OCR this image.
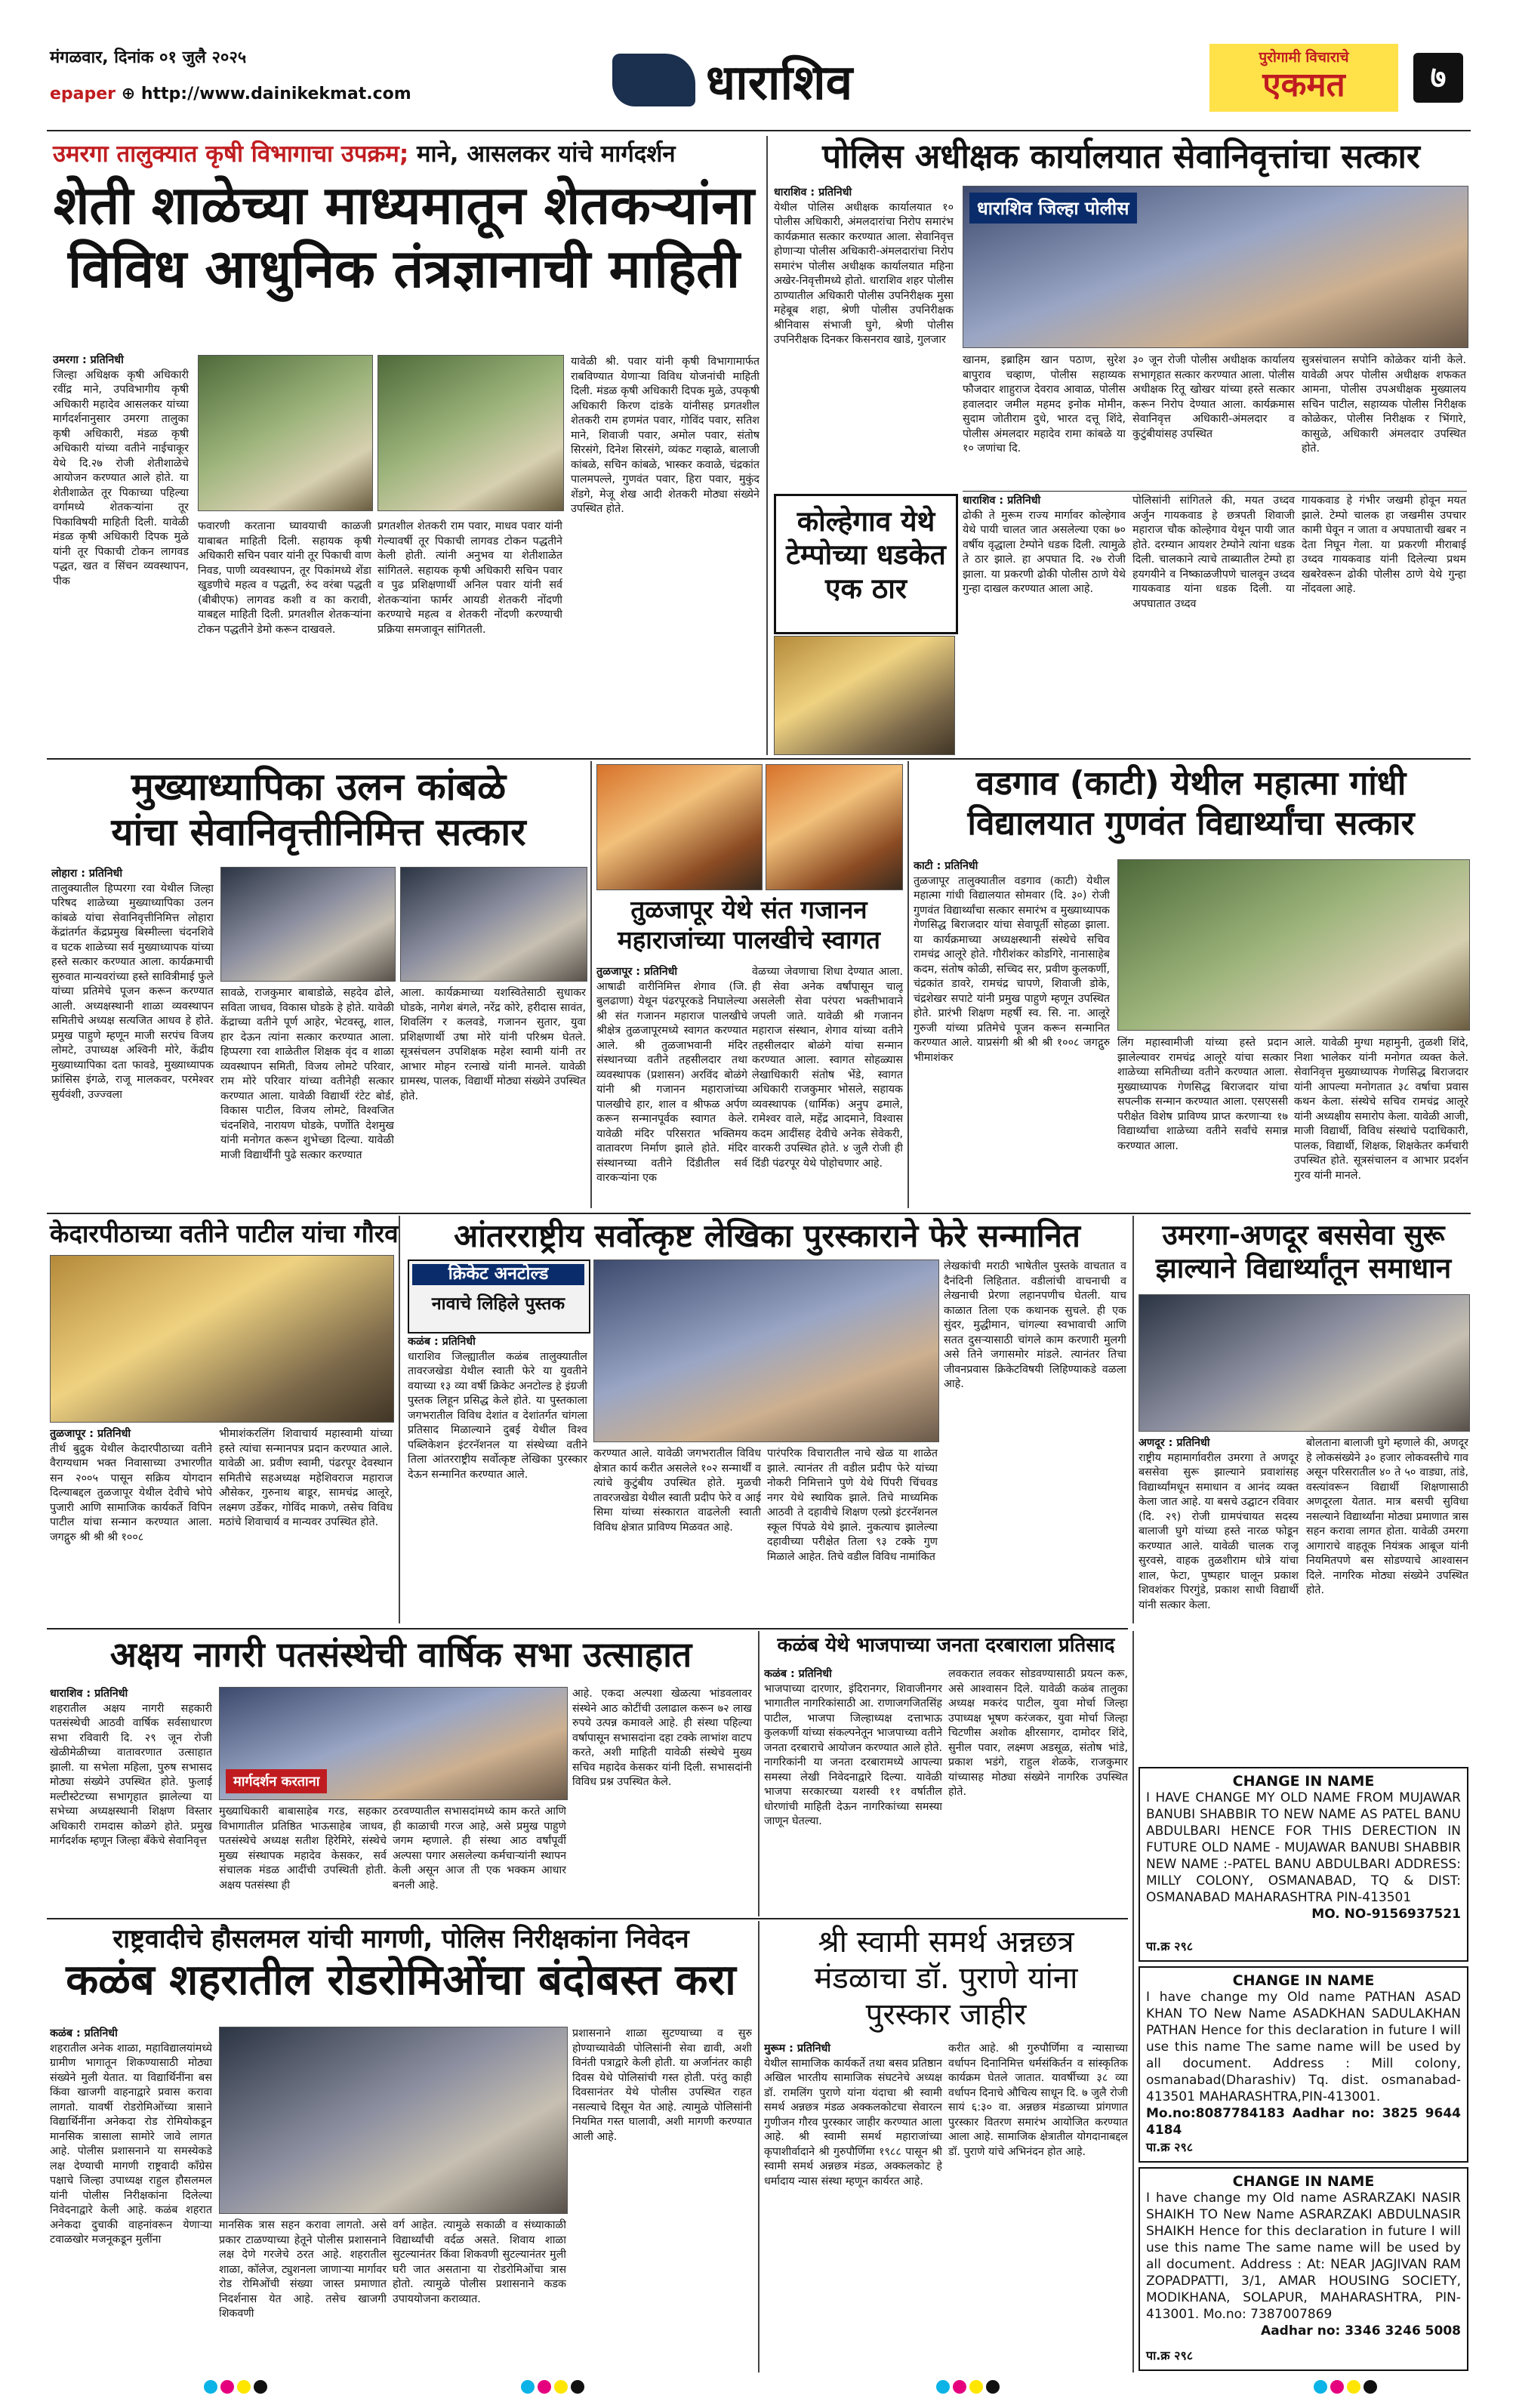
मंगळवार, दिनांक ०१ जुलै २०२५
epaper ⊕ http://www.dainikekmat.com	धाराशिव	पुरोगामी विचाराचे
एकमत	७
उमरगा तालुक्यात कृषी विभागाचा उपक्रम; माने, आसलकर यांचे मार्गदर्शन
शेती शाळेच्या माध्यमातून शेतकऱ्यांना
विविध आधुनिक तंत्रज्ञानाची माहिती
उमरगा : प्रतिनिधी
जिल्हा अधिक्षक कृषी अधिकारी रवींद्र माने, उपविभागीय कृषी अधिकारी महादेव आसलकर यांच्या मार्गदर्शनानुसार उमरगा तालुका कृषी अधिकारी, मंडळ कृषी अधिकारी यांच्या वतीने नाईचाकूर येथे दि.२७ रोजी शेतीशाळेचे आयोजन करण्यात आले होते. या शेतीशाळेत तूर पिकाच्या पहिल्या वर्गामध्ये शेतकऱ्यांना तूर पिकाविषयी माहिती दिली. यावेळी मंडळ कृषी अधिकारी दिपक मुळे यांनी तूर पिकाची टोकन लागवड पद्धत, खत व सिंचन व्यवस्थापन, पीक
फवारणी करताना घ्यावयाची काळजी याबाबत माहिती दिली. सहायक कृषी अधिकारी सचिन पवार यांनी तूर पिकाची वाण निवड, पाणी व्यवस्थापन, तूर पिकांमध्ये शेंडा खुडणीचे महत्व व पद्धती, रुंद वरंबा पद्धती (बीबीएफ) लागवड कशी व का करावी, याबद्दल माहिती दिली. प्रगतशील शेतकऱ्यांना टोकन पद्धतीने डेमो करून दाखवले.
प्रगतशील शेतकरी राम पवार, माधव पवार यांनी गेल्यावर्षी तूर पिकाची लागवड टोकन पद्धतीने केली होती. त्यांनी अनुभव या शेतीशाळेत सांगितले. सहायक कृषी अधिकारी सचिन पवार व पुढ प्रशिक्षणार्थी अनिल पवार यांनी सर्व शेतकऱ्यांना फार्मर आयडी शेतकरी नोंदणी करण्याचे महत्व व शेतकरी नोंदणी करण्याची प्रक्रिया समजावून सांगितली.
यावेळी श्री. पवार यांनी कृषी विभागामार्फत राबविण्यात येणाऱ्या विविध योजनांची माहिती दिली. मंडळ कृषी अधिकारी दिपक मुळे, उपकृषी अधिकारी किरण दांडके यांनीसह प्रगतशील शेतकरी राम हणमंत पवार, गोविंद पवार, सतिश माने, शिवाजी पवार, अमोल पवार, संतोष सिरसंगे, दिनेश सिरसंगे, व्यंकट गव्हाळे, बालाजी कांबळे, सचिन कांबळे, भास्कर कवाळे, चंद्रकांत पालमपल्ले, गुणवंत पवार, हिरा पवार, मुकुंद शेंडगे, मेजू शेख आदी शेतकरी मोठ्या संख्येने उपस्थित होते.
पोलिस अधीक्षक कार्यालयात सेवानिवृत्तांचा सत्कार
धाराशिव : प्रतिनिधी
येथील पोलिस अधीक्षक कार्यालयात १० पोलीस अधिकारी, अंमलदारांचा निरोप समारंभ कार्यक्रमात सत्कार करण्यात आला. सेवानिवृत्त होणाऱ्या पोलीस अधिकारी-अंमलदारांचा निरोप समारंभ पोलीस अधीक्षक कार्यालयात महिना अखेर-निवृत्तीमध्ये होतो. धाराशिव शहर पोलीस ठाण्यातील अधिकारी पोलीस उपनिरीक्षक मुसा महेबूब शहा, श्रेणी पोलीस उपनिरीक्षक श्रीनिवास संभाजी घुगे, श्रेणी पोलीस उपनिरीक्षक दिनकर किसनराव खाडे, गुलजार
धाराशिव जिल्हा पोलीस
खानम, इब्राहिम खान पठाण, सुरेश बापुराव चव्हाण, पोलीस सहाय्यक फौजदार शाहुराज देवराव आवाळ, पोलीस हवालदार जमील महमद इनोक मोमीन, सुदाम जोतीराम दुधे, भारत दत्तू शिंदे, पोलीस अंमलदार महादेव रामा कांबळे या १० जणांचा दि.
३० जून रोजी पोलीस अधीक्षक कार्यालय सभागृहात सत्कार करण्यात आला. पोलीस अधीक्षक रितू खोखर यांच्या हस्ते सत्कार करून निरोप देण्यात आला. कार्यक्रमास सेवानिवृत्त अधिकारी-अंमलदार व कुटुंबीयांसह उपस्थित
सुत्रसंचालन सपोनि कोळेकर यांनी केले. यावेळी अपर पोलीस अधीक्षक शफकत आमना, पोलीस उपअधीक्षक मुख्यालय सचिन पाटील, सहाय्यक पोलीस निरीक्षक कोळेकर, पोलीस निरीक्षक र भिंगारे, कासुळे, अधिकारी अंमलदार उपस्थित होते.
कोल्हेगाव येथे टेम्पोच्या धडकेत एक ठार
धाराशिव : प्रतिनिधी
ढोकी ते मुरूम राज्य मार्गावर कोल्हेगाव येथे पायी चालत जात असलेल्या एका ७० वर्षीय वृद्धाला टेम्पोने धडक दिली. त्यामुळे ते ठार झाले. हा अपघात दि. २७ रोजी झाला. या प्रकरणी ढोकी पोलीस ठाणे येथे गुन्हा दाखल करण्यात आला आहे.
पोलिसांनी सांगितले की, मयत उध्दव अर्जुन गायकवाड हे छत्रपती शिवाजी महाराज चौक कोल्हेगाव येथून पायी जात होते. दरम्यान आयशर टेम्पोने त्यांना धडक दिली. चालकाने त्याचे ताब्यातील टेम्पो हा हयगयीने व निष्काळजीपणे चालवून उध्दव गायकवाड यांना धडक दिली. या अपघातात उध्दव
गायकवाड हे गंभीर जखमी होवून मयत झाले. टेम्पो चालक हा जखमीस उपचार कामी घेवून न जाता व अपघाताची खबर न देता निघून गेला. या प्रकरणी मीराबाई उध्दव गायकवाड यांनी दिलेल्या प्रथम खबरेवरून ढोकी पोलीस ठाणे येथे गुन्हा नोंदवला आहे.
मुख्याध्यापिका उलन कांबळे
यांचा सेवानिवृत्तीनिमित्त सत्कार
लोहारा : प्रतिनिधी
तालुक्यातील हिप्परगा रवा येथील जिल्हा परिषद शाळेच्या मुख्याध्यापिका उलन कांबळे यांचा सेवानिवृत्तीनिमित्त लोहारा केंद्रांतर्गत केंद्रप्रमुख बिस्मील्ला चंदनशिवे व घटक शाळेच्या सर्व मुख्याध्यापक यांच्या हस्ते सत्कार करण्यात आला. कार्यक्रमाची सुरुवात मान्यवरांच्या हस्ते सावित्रीमाई फुले यांच्या प्रतिमेचे पूजन करून करण्यात आली. अध्यक्षस्थानी शाळा व्यवस्थापन समितीचे अध्यक्ष सत्यजित आधव हे होते. प्रमुख पाहुणे म्हणून माजी सरपंच विजय लोमटे, उपाध्यक्ष अश्विनी मोरे, केंद्रीय मुख्याध्यापिका दता फावडे, मुख्याध्यापक फ्रांसिस इंगळे, राजू मालकवर, परमेश्वर सुर्यवंशी, उज्ज्वला
सावळे, राजकुमार बाबाडोळे, सहदेव ढोले, सविता जाधव, विकास घोडके हे होते. यावेळी केंद्राच्या वतीने पूर्ण आहेर, भेटवस्तू, शाल, हार देऊन त्यांना सत्कार करण्यात आला. हिप्परगा रवा शाळेतील शिक्षक वृंद व शाळा व्यवस्थापन समिती, विजय लोमटे परिवार, राम मोरे परिवार यांच्या वतीनेही सत्कार करण्यात आला. यावेळी विद्यार्थी रंटेट बोर्ड, विकास पाटील, विजय लोमटे, विश्वजित चंदनशिवे, नारायण घोडके, पर्णोति देशमुख यांनी मनोगत करून शुभेच्छा दिल्या. यावेळी माजी विद्यार्थींनी पुढे सत्कार करण्यात
आला. कार्यक्रमाच्या यशस्वितेसाठी सुधाकर घोडके, नागेश बंगले, नरेंद्र कोरे, हरीदास सावंत, शिवलिंग र कलवडे, गजानन सुतार, युवा प्रशिक्षणार्थी उषा मोरे यांनी परिश्रम घेतले. सूत्रसंचलन उपशिक्षक महेश स्वामी यांनी तर आभार मोहन रत्नाखे यांनी मानले. यावेळी ग्रामस्थ, पालक, विद्यार्थी मोठ्या संख्येने उपस्थित होते.
तुळजापूर येथे संत गजानन
महाराजांच्या पालखीचे स्वागत
तुळजापूर : प्रतिनिधी
आषाढी वारीनिमित्त शेगाव (जि. बुलढाणा) येथून पंढरपूरकडे निघालेल्या श्री संत गजानन महाराज पालखीचे श्रीक्षेत्र तुळजापूरमध्ये स्वागत करण्यात आले. श्री तुळजाभवानी मंदिर संस्थानच्या वतीने तहसीलदार तथा व्यवस्थापक (प्रशासन) अरविंद बोळंगे यांनी श्री गजानन महाराजांच्या पालखीचे हार, शाल व श्रीफळ अर्पण करून सन्मानपूर्वक स्वागत केले. यावेळी मंदिर परिसरात भक्तिमय वातावरण निर्माण झाले होते. मंदिर संस्थानच्या वतीने दिंडीतील सर्व वारकऱ्यांना एक
वेळच्या जेवणाचा शिधा देण्यात आला. ही सेवा अनेक वर्षांपासून चालू असलेली सेवा परंपरा भक्तीभावाने जपली जाते. यावेळी श्री गजानन महाराज संस्थान, शेगाव यांच्या वतीने तहसीलदार बोळंगे यांचा सन्मान करण्यात आला. स्वागत सोहळ्यास लेखाधिकारी संतोष भेंडे, स्वागत अधिकारी राजकुमार भोसले, सहायक व्यवस्थापक (धार्मिक) अनुप ढमाले, रामेश्वर वाले, महेंद्र आदमाने, विश्वास कदम आदींसह देवीचे अनेक सेवेकरी, वारकरी उपस्थित होते. ४ जुलै रोजी ही दिंडी पंढरपूर येथे पोहोचणार आहे.
वडगाव (काटी) येथील महात्मा गांधी
विद्यालयात गुणवंत विद्यार्थ्यांचा सत्कार
काटी : प्रतिनिधी
तुळजापूर तालुक्यातील वडगाव (काटी) येथील महात्मा गांधी विद्यालयात सोमवार (दि. ३०) रोजी गुणवंत विद्यार्थ्यांचा सत्कार समारंभ व मुख्याध्यापक गेणसिद्ध बिराजदार यांचा सेवापूर्ती सोहळा झाला. या कार्यक्रमाच्या अध्यक्षस्थानी संस्थेचे सचिव रामचंद्र आलूरे होते. गौरीशंकर कोडगिरे, नानासाहेब कदम, संतोष कोळी, सच्चिद सर, प्रवीण कुलकर्णी, चंद्रकांत डावरे, रामचंद्र चापणे, शिवाजी डोके, चंद्रशेखर सपाटे यांनी प्रमुख पाहुणे म्हणून उपस्थित होते. प्रारंभी शिक्षण महर्षी स्व. सि. ना. आलूरे गुरुजी यांच्या प्रतिमेचे पूजन करून सन्मानित करण्यात आले. याप्रसंगी श्री श्री श्री १००८ जगद्गुरु भीमाशंकर
लिंग महास्वामीजी यांच्या हस्ते प्रदान झालेल्यावर रामचंद्र आलूरे यांचा सत्कार शाळेच्या समितीच्या वतीने करण्यात आला. मुख्याध्यापक गेणसिद्ध बिराजदार यांचा सपत्नीक सन्मान करण्यात आला. एसएससी परीक्षेत विशेष प्राविण्य प्राप्त करणाऱ्या १७ विद्यार्थ्यांचा शाळेच्या वतीने सर्वांचे समान्न करण्यात आला.
आले. यावेळी मुग्धा महामुनी, तुळशी शिंदे, निशा भालेकर यांनी मनोगत व्यक्त केले. सेवानिवृत्त मुख्याध्यापक गेणसिद्ध बिराजदार यांनी आपल्या मनोगतात ३८ वर्षाचा प्रवास कथन केला. संस्थेचे सचिव रामचंद्र आलूरे यांनी अध्यक्षीय समारोप केला. यावेळी आजी, माजी विद्यार्थी, विविध संस्थांचे पदाधिकारी, पालक, विद्यार्थी, शिक्षक, शिक्षकेतर कर्मचारी उपस्थित होते. सूत्रसंचालन व आभार प्रदर्शन गुरव यांनी मानले.
केदारपीठाच्या वतीने पाटील यांचा गौरव
तुळजापूर : प्रतिनिधी
तीर्थ बुद्रुक येथील केदारपीठाच्या वतीने वैराग्यधाम भक्त निवासाच्या उभारणीत सन २००५ पासून सक्रिय योगदान दिल्याबद्दल तुळजापूर येथील देवीचे भोपे पुजारी आणि सामाजिक कार्यकर्ते विपिन पाटील यांचा सन्मान करण्यात आला. जगद्गुरु श्री श्री श्री १००८
भीमाशंकरलिंग शिवाचार्य महास्वामी यांच्या हस्ते त्यांचा सन्मानपत्र प्रदान करण्यात आले. यावेळी आ. प्रवीण स्वामी, पंढरपूर देवस्थान समितीचे सहअध्यक्ष महेशिवराज महाराज औसेकर, गुरुनाथ बाडूर, सामचंद्र आलूरे, लक्ष्मण उर्डेकर, गोविंद माकणे, तसेच विविध मठांचे शिवाचार्य व मान्यवर उपस्थित होते.
आंतरराष्ट्रीय सर्वोत्कृष्ट लेखिका पुरस्काराने फेरे सन्मानित
क्रिकेट अनटोल्ड
नावाचे लिहिले पुस्तक
कळंब : प्रतिनिधी
धाराशिव जिल्ह्यातील कळंब तालुक्यातील तावरजखेडा येथील स्वाती फेरे या युवतीने वयाच्या १३ व्या वर्षी क्रिकेट अनटोल्ड हे इंग्रजी पुस्तक लिहून प्रसिद्ध केले होते. या पुस्तकाला जगभरातील विविध देशांत व देशांतर्गत चांगला प्रतिसाद मिळाल्याने दुबई येथील विश्व पब्लिकेशन इंटरनॅशनल या संस्थेच्या वतीने तिला आंतरराष्ट्रीय सर्वोत्कृष्ट लेखिका पुरस्कार देऊन सन्मानित करण्यात आले.
करण्यात आले. यावेळी जगभरातील विविध क्षेत्रात कार्य करीत असलेले १०२ सन्मार्थीं व त्यांचे कुटुंबीय उपस्थित होते. मुळची तावरजखेडा येथील स्वाती प्रदीप फेरे व आई सिमा यांच्या संस्कारात वाढलेली स्वाती विविध क्षेत्रात प्राविण्य मिळवत आहे.
पारंपरिक विचारातील नाचे खेळ या शाळेत झाले. त्यानंतर ती वडील प्रदीप फेरे यांच्या नोकरी निमित्ताने पुणे येथे पिंपरी चिंचवड नगर येथे स्थायिक झाले. तिचे माध्यमिक आठवी ते दहावीचे शिक्षण एल्प्रो इंटरनॅशनल स्कूल पिंपळे येथे झाले. नुकत्याच झालेल्या दहावीच्या परीक्षेत तिला ९३ टक्के गुण मिळाले आहेत. तिचे वडील विविध नामांकित
लेखकांची मराठी भाषेतील पुस्तके वाचतात व दैनंदिनी लिहितात. वडीलांची वाचनाची व लेखनाची प्रेरणा लहानपणीच घेतली. याच काळात तिला एक कथानक सुचले. ही एक सुंदर, मुद्धीमान, चांगल्या स्वभावाची आणि सतत दुसऱ्यासाठी चांगले काम करणारी मुलगी असे तिने जगासमोर मांडले. त्यानंतर तिचा जीवनप्रवास क्रिकेटविषयी लिहिण्याकडे वळला आहे.
उमरगा-अणदूर बससेवा सुरू
झाल्याने विद्यार्थ्यांतून समाधान
अणदूर : प्रतिनिधी
राष्ट्रीय महामार्गावरील उमरगा ते अणदूर बससेवा सुरू झाल्याने प्रवाशांसह विद्यार्थ्यांमधून समाधान व आनंद व्यक्त केला जात आहे. या बसचे उद्घाटन रविवार (दि. २९) रोजी ग्रामपंचायत सदस्य बालाजी घुगे यांच्या हस्ते नारळ फोडून करण्यात आले. यावेळी चालक राजू सुरवसे, वाहक तुळशीराम धोत्रे यांचा शाल, फेटा, पुष्पहार घालून प्रकाश शिवशंकर पिरगुंडे, प्रकाश साधी विद्यार्थी यांनी सत्कार केला.
बोलताना बालाजी घुगे म्हणाले की, अणदूर हे लोकसंख्येने ३० हजार लोकवस्तीचे गाव असून परिसरातील ४० ते ५० वाड्या, तांडे, वस्त्यांवरून विद्यार्थी शिक्षणासाठी अणदूरला येतात. मात्र बसची सुविधा नसल्याने विद्यार्थ्यांना मोठ्या प्रमाणात त्रास सहन करावा लागत होता. यावेळी उमरगा आगाराचे वाहतूक नियंत्रक आबूज यांनी नियमितपणे बस सोडण्याचे आश्वासन दिले. नागरिक मोठ्या संख्येने उपस्थित होते.
अक्षय नागरी पतसंस्थेची वार्षिक सभा उत्साहात
धाराशिव : प्रतिनिधी
शहरातील अक्षय नागरी सहकारी पतसंस्थेची आठवी वार्षिक सर्वसाधारण सभा रविवारी दि. २९ जून रोजी खेळीमेळीच्या वातावरणात उत्साहात झाली. या सभेला महिला, पुरुष सभासद मोठ्या संख्येने उपस्थित होते. फुलाई मल्टीस्टेटच्या सभागृहात झालेल्या या सभेच्या अध्यक्षस्थानी शिक्षण विस्तार अधिकारी रामदास कोळगे होते. प्रमुख मार्गदर्शक म्हणून जिल्हा बँकेचे सेवानिवृत्त
मार्गदर्शन करताना
मुख्याधिकारी बाबासाहेब गरड, सहकार विभागातील प्रतिष्ठित भाऊसाहेब जाधव, पतसंस्थेचे अध्यक्ष सतीश हिरेमिरे, संस्थेचे मुख्य संस्थापक महादेव केसकर, सर्व संचालक मंडळ आदींची उपस्थिती होती. अक्षय पतसंस्था ही
ठरवण्यातील सभासदांमध्ये काम करते आणि ही काळाची गरज आहे, असे प्रमुख पाहुणे जगम म्हणाले. ही संस्था आठ वर्षांपूर्वी अल्पसा पगार असलेल्या कर्मचाऱ्यांनी स्थापन केली असून आज ती एक भक्कम आधार बनली आहे.
आहे. एकदा अल्पशा खेळत्या भांडवलावर संस्थेने आठ कोटींची उलाढाल करून ७२ लाख रुपये उत्पन्न कमावले आहे. ही संस्था पहिल्या वर्षापासून सभासदांना दहा टक्के लाभांश वाटप करते, अशी माहिती यावेळी संस्थेचे मुख्य सचिव महादेव केसकर यांनी दिली. सभासदांनी विविध प्रश्न उपस्थित केले.
कळंब येथे भाजपाच्या जनता दरबाराला प्रतिसाद
कळंब : प्रतिनिधी
भाजपाच्या दारणार, इंदिरानगर, शिवाजीनगर भागातील नागरिकांसाठी आ. राणाजगजितसिंह पाटील, भाजपा जिल्हाध्यक्ष दत्ताभाऊ कुलकर्णी यांच्या संकल्पनेतून भाजपाच्या वतीने जनता दरबाराचे आयोजन करण्यात आले होते. नागरिकांनी या जनता दरबारामध्ये आपल्या समस्या लेखी निवेदनाद्वारे दिल्या. यावेळी भाजपा सरकारच्या यशस्वी ११ वर्षातील धोरणांची माहिती देऊन नागरिकांच्या समस्या जाणून घेतल्या.
लवकरात लवकर सोडवण्यासाठी प्रयत्न करू, असे आश्वासन दिले. यावेळी कळंब तालुका अध्यक्ष मकरंद पाटील, युवा मोर्चा जिल्हा उपाध्यक्ष भूषण करंजकर, युवा मोर्चा जिल्हा चिटणीस अशोक क्षीरसागर, दामोदर शिंदे, सुनील पवार, लक्ष्मण अडसूळ, संतोष भांडे, प्रकाश भडंगे, राहुल शेळके, राजकुमार यांच्यासह मोठ्या संख्येने नागरिक उपस्थित होते.
राष्ट्रवादीचे हौसलमल यांची मागणी, पोलिस निरीक्षकांना निवेदन
कळंब शहरातील रोडरोमिओंचा बंदोबस्त करा
कळंब : प्रतिनिधी
शहरातील अनेक शाळा, महाविद्यालयांमध्ये ग्रामीण भागातून शिकण्यासाठी मोठ्या संख्येने मुली येतात. या विद्यार्थिनींना बस किंवा खाजगी वाहनाद्वारे प्रवास करावा लागतो. यावर्षी रोडरोमिओंच्या त्रासाने विद्यार्थिनींना अनेकदा रोड रोमियोकडून मानसिक त्रासाला सामोरे जावे लागत आहे. पोलीस प्रशासनाने या समस्येकडे लक्ष देण्याची मागणी राष्ट्रवादी काँग्रेस पक्षाचे जिल्हा उपाध्यक्ष राहुल हौसलमल यांनी पोलीस निरीक्षकांना दिलेल्या निवेदनाद्वारे केली आहे. कळंब शहरात अनेकदा दुचाकी वाहनांवरून येणाऱ्या टवाळखोर मजनूकडून मुलींना
मानसिक त्रास सहन करावा लागतो. असे प्रकार टाळण्याच्या हेतूने पोलीस प्रशासनाने लक्ष देणे गरजेचे ठरत आहे. शहरातील शाळा, कॉलेज, ट्युशनला जाणाऱ्या मार्गावर रोड रोमिओंची संख्या जास्त प्रमाणात निदर्शनास येत आहे. तसेच खाजगी शिकवणी
वर्ग आहेत. त्यामुळे सकाळी व संध्याकाळी विद्यार्थ्यांची वर्दळ असते. शिवाय शाळा सुटल्यानंतर किंवा शिकवणी सुटल्यानंतर मुली घरी जात असताना या रोडरोमिओंचा त्रास होतो. त्यामुळे पोलीस प्रशासनाने कडक उपाययोजना कराव्यात.
प्रशासनाने शाळा सुटण्याच्या व सुरु होण्याच्यावेळी पोलिसांनी सेवा द्यावी, अशी विनंती पत्राद्वारे केली होती. या अर्जानंतर काही दिवस येथे पोलिसांची गस्त होती. परंतु काही दिवसानंतर येथे पोलीस उपस्थित राहत नसल्याचे दिसून येत आहे. त्यामुळे पोलिसांनी नियमित गस्त घालावी, अशी मागणी करण्यात आली आहे.
श्री स्वामी समर्थ अन्नछत्र
मंडळाचा डॉ. पुराणे यांना
पुरस्कार जाहीर
मुरूम : प्रतिनिधी
येथील सामाजिक कार्यकर्ते तथा बसव प्रतिष्ठान अखिल भारतीय सामाजिक संघटनेचे अध्यक्ष डॉ. रामलिंग पुराणे यांना यंदाचा श्री स्वामी समर्थ अन्नछत्र मंडळ अक्कलकोटचा सेवारत्न गुणीजन गौरव पुरस्कार जाहीर करण्यात आला आहे. श्री स्वामी समर्थ महाराजांच्या कृपाशीर्वादाने श्री गुरुपौर्णिमा १९८८ पासून श्री स्वामी समर्थ अन्नछत्र मंडळ, अक्कलकोट हे धर्मादाय न्यास संस्था म्हणून कार्यरत आहे.
करीत आहे. श्री गुरुपौर्णिमा व न्यासाच्या वर्धापन दिनानिमित्त धर्मसंकिर्तन व सांस्कृतिक कार्यक्रम घेतले जातात. यावर्षीच्या ३८ व्या वर्धापन दिनाचे औचित्य साधून दि. ७ जुलै रोजी सायं ६:३० वा. अन्नछत्र मंडळाच्या प्रांगणात पुरस्कार वितरण समारंभ आयोजित करण्यात आला आहे. सामाजिक क्षेत्रातील योगदानाबद्दल डॉ. पुराणे यांचे अभिनंदन होत आहे.
CHANGE IN NAME
I HAVE CHANGE MY OLD NAME FROM MUJAWAR BANUBI SHABBIR TO NEW NAME AS PATEL BANU ABDULBARI HENCE FOR THIS DERECTION IN FUTURE OLD NAME - MUJAWAR BANUBI SHABBIR NEW NAME :-PATEL BANU ABDULBARI ADDRESS: MILLY COLONY, OSMANABAD, TQ & DIST: OSMANABAD MAHARASHTRA PIN-413501
MO. NO-9156937521
पा.क्र २९८
CHANGE IN NAME
I have change my Old name PATHAN ASAD KHAN TO New Name ASADKHAN SADULAKHAN PATHAN Hence for this declaration in future I will use this name The same name will be used by all document. Address : Mill colony, osmanabad(Dharashiv) Tq. dist. osmanabad-413501 MAHARASHTRA,PIN-413001.
Mo.no:8087784183 Aadhar no: 3825 9644 4184
पा.क्र २९८
CHANGE IN NAME
I have change my Old name ASRARZAKI NASIR SHAIKH TO New Name ASRARZAKI ABDULNASIR SHAIKH Hence for this declaration in future I will use this name The same name will be used by all document. Address : At: NEAR JAGJIVAN RAM ZOPADPATTI, 3/1, AMAR HOUSING SOCIETY, MODIKHANA, SOLAPUR, MAHARASHTRA, PIN-413001. Mo.no: 7387007869
Aadhar no: 3346 3246 5008
पा.क्र २९८
